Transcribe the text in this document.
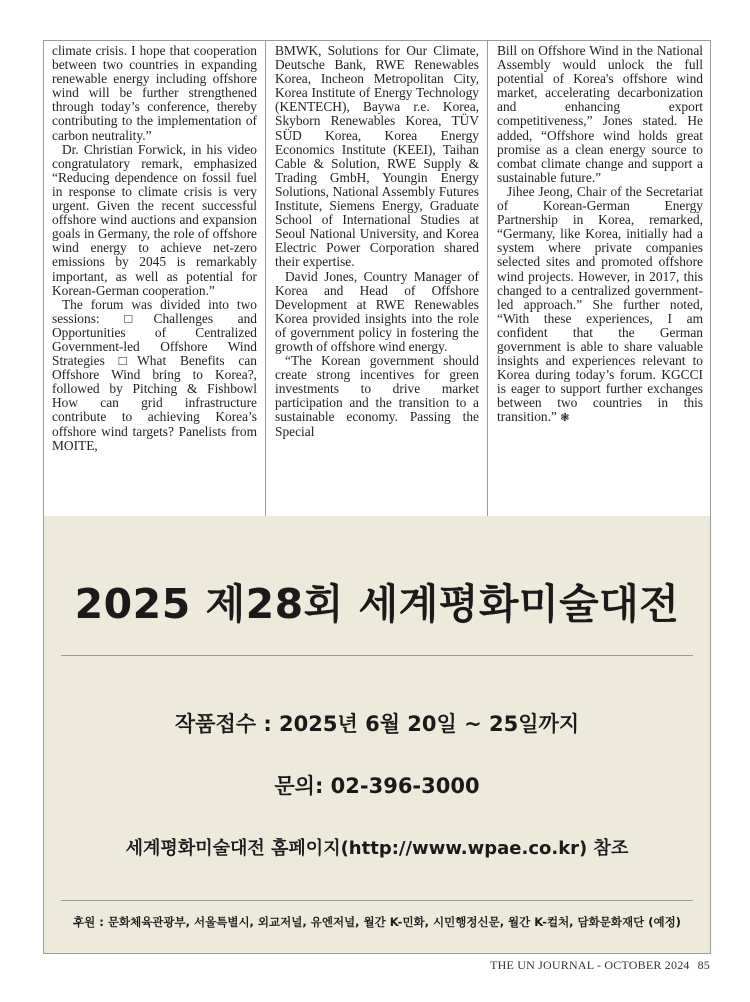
climate crisis. I hope that cooperation between two countries in expanding renewable energy including offshore wind will be further strengthened through today’s conference, thereby contributing to the implementation of carbon neutrality.”

Dr. Christian Forwick, in his video congratulatory remark, emphasized “Reducing dependence on fossil fuel in response to climate crisis is very urgent. Given the recent successful offshore wind auctions and expansion goals in Germany, the role of offshore wind energy to achieve net-zero emissions by 2045 is remarkably important, as well as potential for Korean-German cooperation.”

The forum was divided into two sessions: □Challenges and Opportunities of Centralized Government-led Offshore Wind Strategies □What Benefits can Offshore Wind bring to Korea?, followed by Pitching & Fishbowl How can grid infrastructure contribute to achieving Korea’s offshore wind targets? Panelists from MOITE,

BMWK, Solutions for Our Climate, Deutsche Bank, RWE Renewables Korea, Incheon Metropolitan City, Korea Institute of Energy Technology (KENTECH), Baywa r.e. Korea, Skyborn Renewables Korea, TÜV SÜD Korea, Korea Energy Economics Institute (KEEI), Taihan Cable & Solution, RWE Supply & Trading GmbH, Youngin Energy Solutions, National Assembly Futures Institute, Siemens Energy, Graduate School of International Studies at Seoul National University, and Korea Electric Power Corporation shared their expertise.

David Jones, Country Manager of Korea and Head of Offshore Development at RWE Renewables Korea provided insights into the role of government policy in fostering the growth of offshore wind energy.

“The Korean government should create strong incentives for green investments to drive market participation and the transition to a sustainable economy. Passing the Special

Bill on Offshore Wind in the National Assembly would unlock the full potential of Korea's offshore wind market, accelerating decarbonization and enhancing export competitiveness,” Jones stated. He added, “Offshore wind holds great promise as a clean energy source to combat climate change and support a sustainable future.”

Jihee Jeong, Chair of the Secretariat of Korean-German Energy Partnership in Korea, remarked, “Germany, like Korea, initially had a system where private companies selected sites and promoted offshore wind projects. However, in 2017, this changed to a centralized government-led approach.” She further noted, “With these experiences, I am confident that the German government is able to share valuable insights and experiences relevant to Korea during today’s forum. KGCCI is eager to support further exchanges between two countries in this transition.” ❃

2025 제28회 세계평화미술대전
작품접수 : 2025년 6월 20일 ~ 25일까지
문의: 02-396-3000
세계평화미술대전 홈페이지(http://www.wpae.co.kr) 참조
후원 : 문화체육관광부, 서울특별시, 외교저널, 유엔저널, 월간 K-민화, 시민행정신문, 월간 K-컬처, 담화문화재단 (예정)
THE UN JOURNAL - OCTOBER 2024 85
